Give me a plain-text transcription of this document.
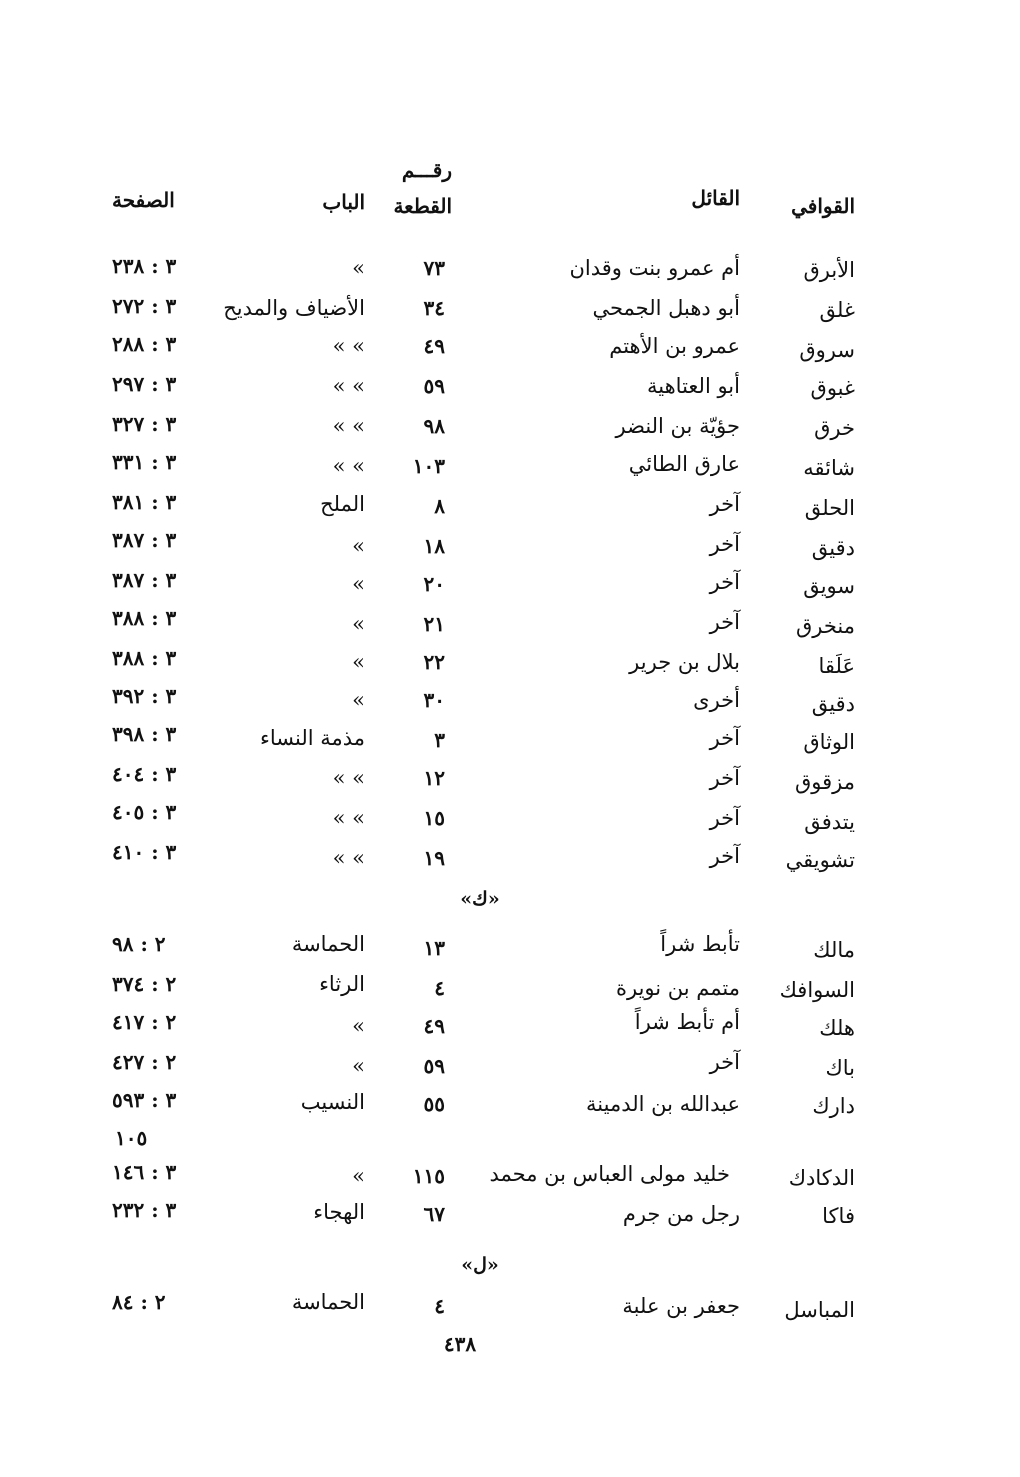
القوافي
القائل
رقـــم
القطعة
الباب
الصفحة
الأبرق
أم عمرو بنت وقدان
٧٣
»
٣ : ٢٣٨
غلق
أبو دهبل الجمحي
٣٤
الأضياف والمديح
٣ : ٢٧٢
سروق
عمرو بن الأهتم
٤٩
» »
٣ : ٢٨٨
غبوق
أبو العتاهية
٥٩
» »
٣ : ٢٩٧
خرق
جؤيّة بن النضر
٩٨
» »
٣ : ٣٢٧
شائقه
عارق الطائي
١٠٣
» »
٣ : ٣٣١
الحلق
آخر
٨
الملح
٣ : ٣٨١
دقيق
آخر
١٨
»
٣ : ٣٨٧
سويق
آخر
٢٠
»
٣ : ٣٨٧
منخرق
آخر
٢١
»
٣ : ٣٨٨
عَلَقا
بلال بن جرير
٢٢
»
٣ : ٣٨٨
دقيق
أخرى
٣٠
»
٣ : ٣٩٢
الوثاق
آخر
٣
مذمة النساء
٣ : ٣٩٨
مزقوق
آخر
١٢
» »
٣ : ٤٠٤
يتدفق
آخر
١٥
» »
٣ : ٤٠٥
تشويقي
آخر
١٩
» »
٣ : ٤١٠
«ك»
مالك
تأبط شراً
١٣
الحماسة
٢ : ٩٨
السوافك
متمم بن نويرة
٤
الرثاء
٢ : ٣٧٤
هلك
أم تأبط شراً
٤٩
»
٢ : ٤١٧
باك
آخر
٥٩
»
٢ : ٤٢٧
دارك
عبدالله بن الدمينة
٥٥
النسيب
٣ : ٥٩٣
١٠٥
الدكادك
خليد مولى العباس بن محمد
١١٥
»
٣ : ١٤٦
فاكا
رجل من جرم
٦٧
الهجاء
٣ : ٢٣٢
«ل»
المباسل
جعفر بن علبة
٤
الحماسة
٢ : ٨٤
٤٣٨
